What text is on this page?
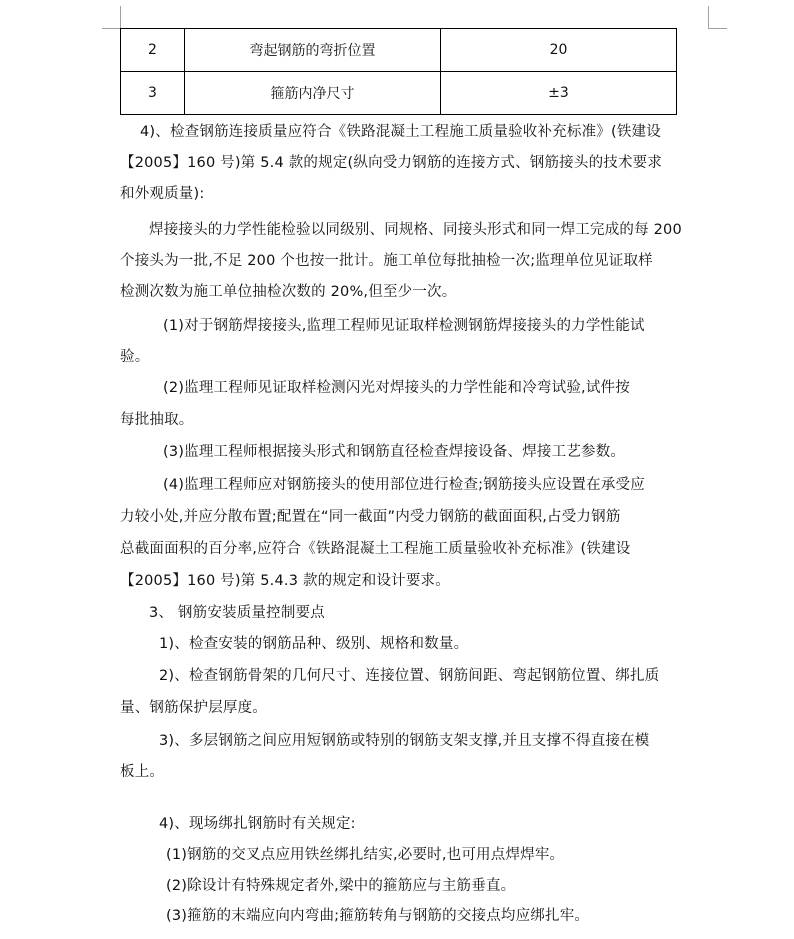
2	弯起钢筋的弯折位置	20
3	箍筋内净尺寸	±3
4)、检查钢筋连接质量应符合《铁路混凝土工程施工质量验收补充标准》(铁建设
【2005】160 号)第 5.4 款的规定(纵向受力钢筋的连接方式、钢筋接头的技术要求
和外观质量):
焊接接头的力学性能检验以同级别、同规格、同接头形式和同一焊工完成的每 200
个接头为一批,不足 200 个也按一批计。施工单位每批抽检一次;监理单位见证取样
检测次数为施工单位抽检次数的 20%,但至少一次。
(1)对于钢筋焊接接头,监理工程师见证取样检测钢筋焊接接头的力学性能试
验。
(2)监理工程师见证取样检测闪光对焊接头的力学性能和冷弯试验,试件按
每批抽取。
(3)监理工程师根据接头形式和钢筋直径检查焊接设备、焊接工艺参数。
(4)监理工程师应对钢筋接头的使用部位进行检查;钢筋接头应设置在承受应
力较小处,并应分散布置;配置在“同一截面”内受力钢筋的截面面积,占受力钢筋
总截面面积的百分率,应符合《铁路混凝土工程施工质量验收补充标准》(铁建设
【2005】160 号)第 5.4.3 款的规定和设计要求。
3、 钢筋安装质量控制要点
1)、检查安装的钢筋品种、级别、规格和数量。
2)、检查钢筋骨架的几何尺寸、连接位置、钢筋间距、弯起钢筋位置、绑扎质
量、钢筋保护层厚度。
3)、多层钢筋之间应用短钢筋或特别的钢筋支架支撑,并且支撑不得直接在模
板上。
4)、现场绑扎钢筋时有关规定:
(1)钢筋的交叉点应用铁丝绑扎结实,必要时,也可用点焊焊牢。
(2)除设计有特殊规定者外,梁中的箍筋应与主筋垂直。
(3)箍筋的末端应向内弯曲;箍筋转角与钢筋的交接点均应绑扎牢。
